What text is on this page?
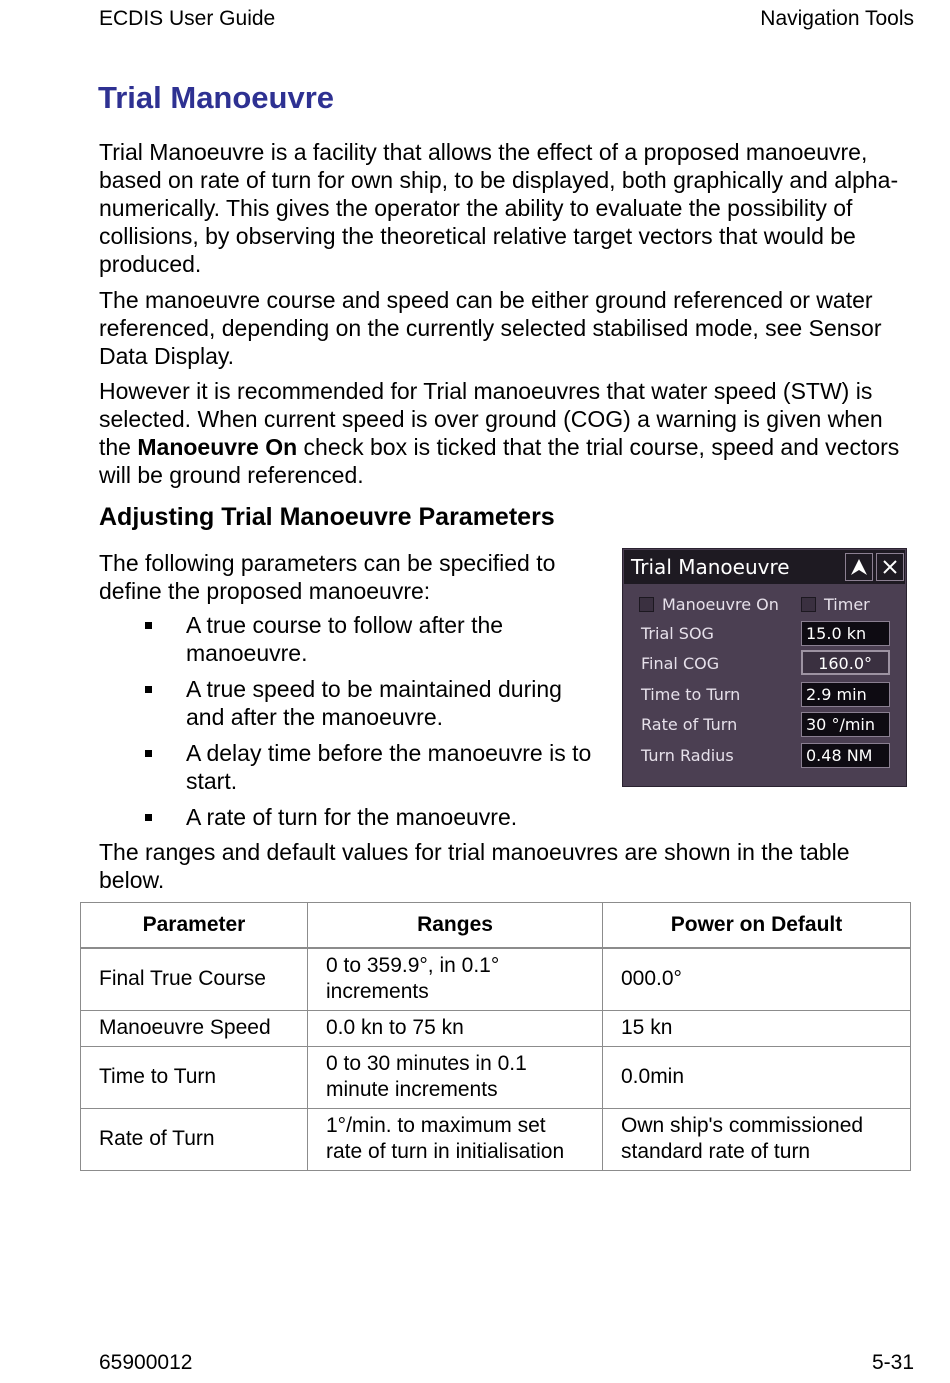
ECDIS User Guide	Navigation Tools
Trial Manoeuvre

Trial Manoeuvre is a facility that allows the effect of a proposed manoeuvre, based on rate of turn for own ship, to be displayed, both graphically and alpha-numerically. This gives the operator the ability to evaluate the possibility of collisions, by observing the theoretical relative target vectors that would be produced.

The manoeuvre course and speed can be either ground referenced or water referenced, depending on the currently selected stabilised mode, see Sensor Data Display.

However it is recommended for Trial manoeuvres that water speed (STW) is selected. When current speed is over ground (COG) a warning is given when the Manoeuvre On check box is ticked that the trial course, speed and vectors will be ground referenced.

Adjusting Trial Manoeuvre Parameters

The following parameters can be specified to define the proposed manoeuvre:

A true course to follow after the manoeuvre.
A true speed to be maintained during and after the manoeuvre.
A delay time before the manoeuvre is to start.
A rate of turn for the manoeuvre.

The ranges and default values for trial manoeuvres are shown in the table below.

Trial Manoeuvre
Manoeuvre On	Timer
Trial SOG	15.0 kn
Final COG	160.0°
Time to Turn	2.9 min
Rate of Turn	30 °/min
Turn Radius	0.48 NM
Parameter	Ranges	Power on Default
Final True Course	0 to 359.9°, in 0.1° increments	000.0°
Manoeuvre Speed	0.0 kn to 75 kn	15 kn
Time to Turn	0 to 30 minutes in 0.1 minute increments	0.0min
Rate of Turn	1°/min. to maximum set rate of turn in initialisation	Own ship's commissioned standard rate of turn
65900012	5-31
